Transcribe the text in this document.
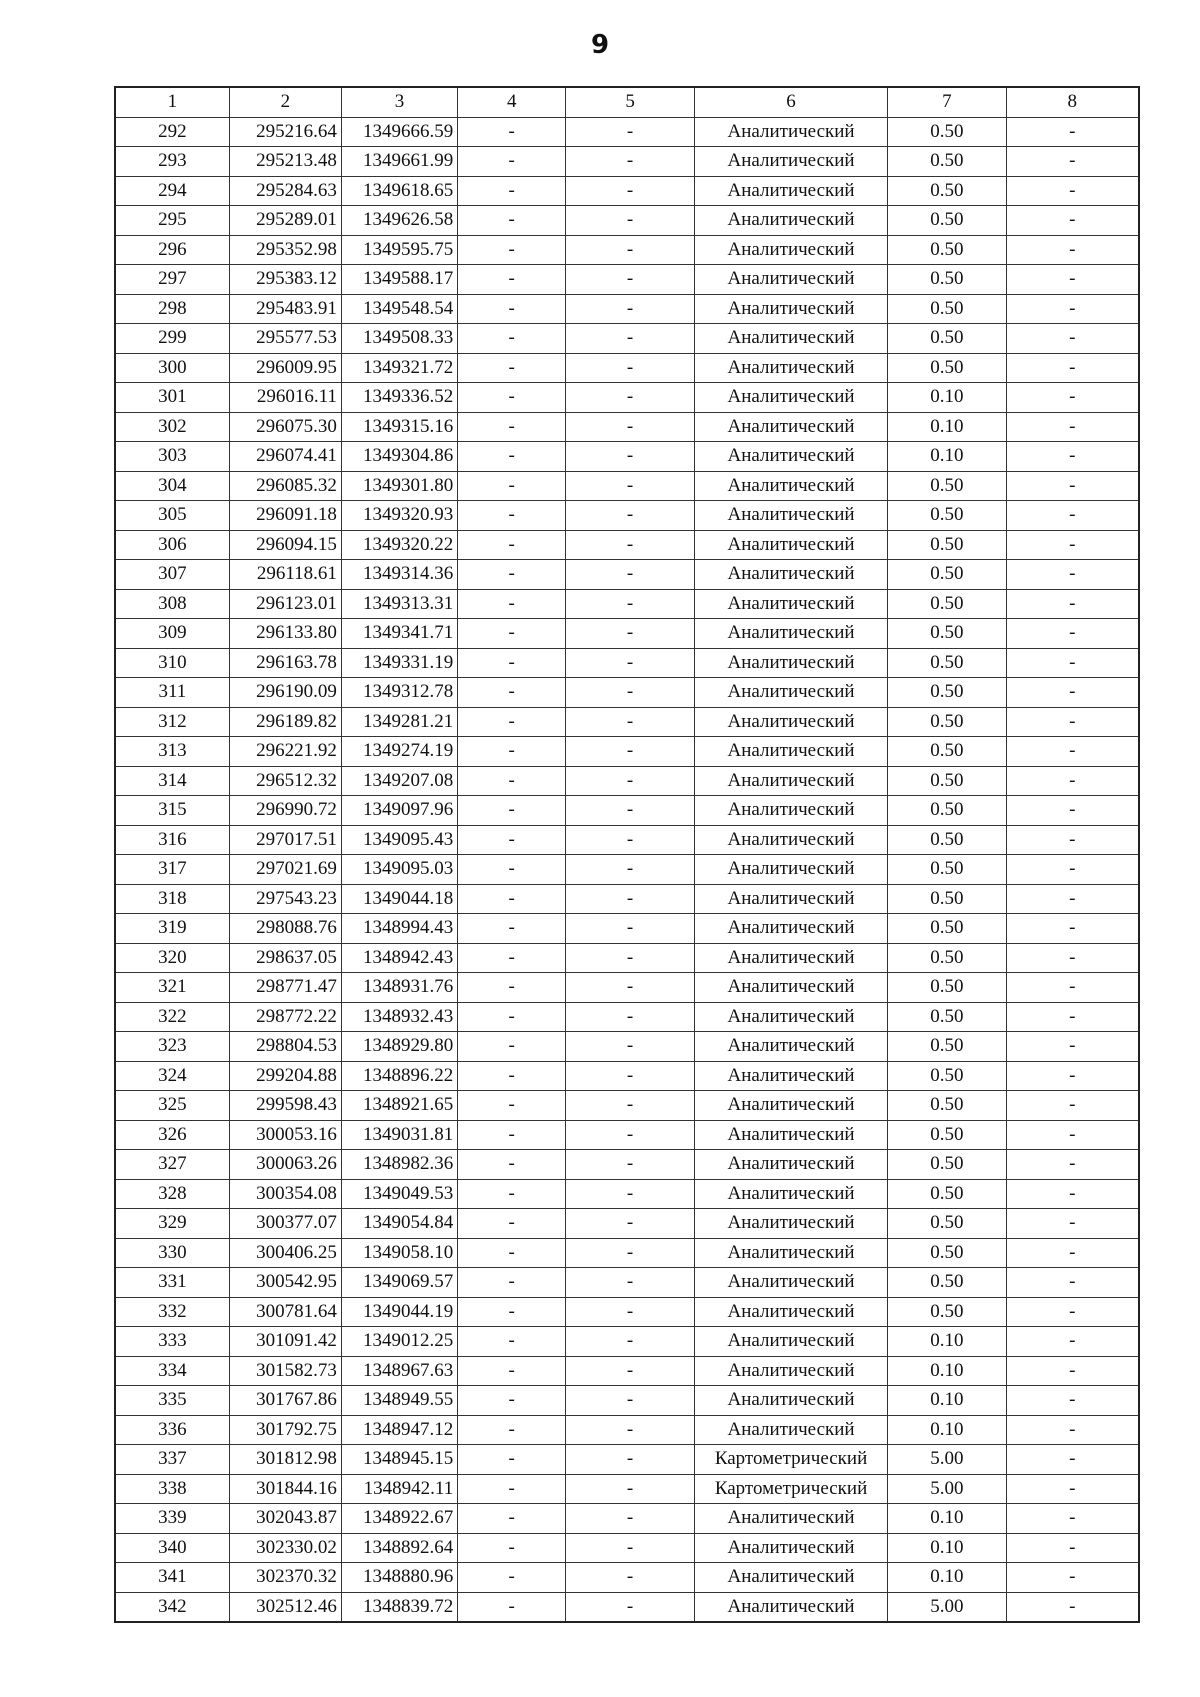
9
1	2	3	4	5	6	7	8
292	295216.64	1349666.59	-	-	Аналитический	0.50	-
293	295213.48	1349661.99	-	-	Аналитический	0.50	-
294	295284.63	1349618.65	-	-	Аналитический	0.50	-
295	295289.01	1349626.58	-	-	Аналитический	0.50	-
296	295352.98	1349595.75	-	-	Аналитический	0.50	-
297	295383.12	1349588.17	-	-	Аналитический	0.50	-
298	295483.91	1349548.54	-	-	Аналитический	0.50	-
299	295577.53	1349508.33	-	-	Аналитический	0.50	-
300	296009.95	1349321.72	-	-	Аналитический	0.50	-
301	296016.11	1349336.52	-	-	Аналитический	0.10	-
302	296075.30	1349315.16	-	-	Аналитический	0.10	-
303	296074.41	1349304.86	-	-	Аналитический	0.10	-
304	296085.32	1349301.80	-	-	Аналитический	0.50	-
305	296091.18	1349320.93	-	-	Аналитический	0.50	-
306	296094.15	1349320.22	-	-	Аналитический	0.50	-
307	296118.61	1349314.36	-	-	Аналитический	0.50	-
308	296123.01	1349313.31	-	-	Аналитический	0.50	-
309	296133.80	1349341.71	-	-	Аналитический	0.50	-
310	296163.78	1349331.19	-	-	Аналитический	0.50	-
311	296190.09	1349312.78	-	-	Аналитический	0.50	-
312	296189.82	1349281.21	-	-	Аналитический	0.50	-
313	296221.92	1349274.19	-	-	Аналитический	0.50	-
314	296512.32	1349207.08	-	-	Аналитический	0.50	-
315	296990.72	1349097.96	-	-	Аналитический	0.50	-
316	297017.51	1349095.43	-	-	Аналитический	0.50	-
317	297021.69	1349095.03	-	-	Аналитический	0.50	-
318	297543.23	1349044.18	-	-	Аналитический	0.50	-
319	298088.76	1348994.43	-	-	Аналитический	0.50	-
320	298637.05	1348942.43	-	-	Аналитический	0.50	-
321	298771.47	1348931.76	-	-	Аналитический	0.50	-
322	298772.22	1348932.43	-	-	Аналитический	0.50	-
323	298804.53	1348929.80	-	-	Аналитический	0.50	-
324	299204.88	1348896.22	-	-	Аналитический	0.50	-
325	299598.43	1348921.65	-	-	Аналитический	0.50	-
326	300053.16	1349031.81	-	-	Аналитический	0.50	-
327	300063.26	1348982.36	-	-	Аналитический	0.50	-
328	300354.08	1349049.53	-	-	Аналитический	0.50	-
329	300377.07	1349054.84	-	-	Аналитический	0.50	-
330	300406.25	1349058.10	-	-	Аналитический	0.50	-
331	300542.95	1349069.57	-	-	Аналитический	0.50	-
332	300781.64	1349044.19	-	-	Аналитический	0.50	-
333	301091.42	1349012.25	-	-	Аналитический	0.10	-
334	301582.73	1348967.63	-	-	Аналитический	0.10	-
335	301767.86	1348949.55	-	-	Аналитический	0.10	-
336	301792.75	1348947.12	-	-	Аналитический	0.10	-
337	301812.98	1348945.15	-	-	Картометрический	5.00	-
338	301844.16	1348942.11	-	-	Картометрический	5.00	-
339	302043.87	1348922.67	-	-	Аналитический	0.10	-
340	302330.02	1348892.64	-	-	Аналитический	0.10	-
341	302370.32	1348880.96	-	-	Аналитический	0.10	-
342	302512.46	1348839.72	-	-	Аналитический	5.00	-
